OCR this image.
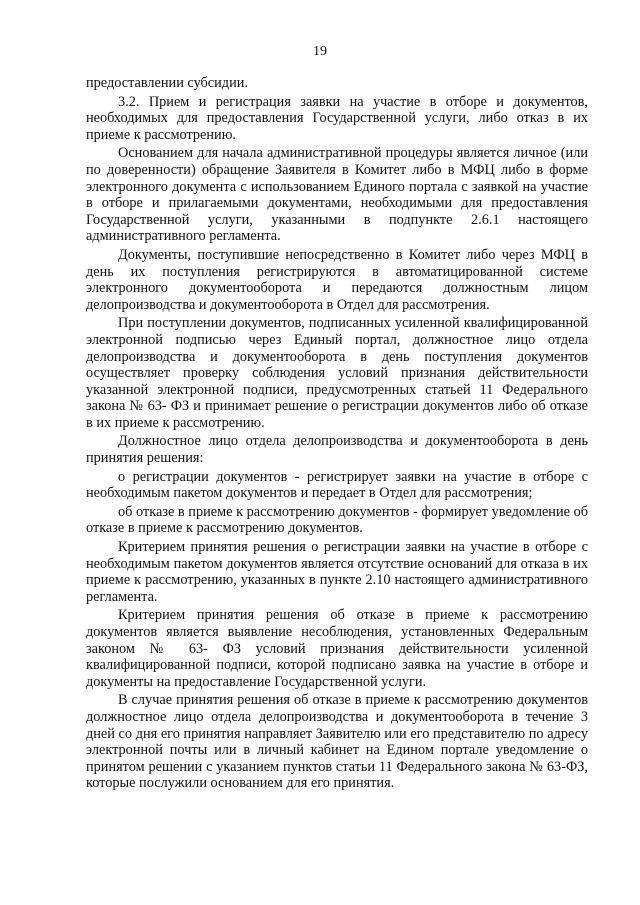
19

предоставлении субсидии.

3.2. Прием и регистрация заявки на участие в отборе и документов, необходимых для предоставления Государственной услуги, либо отказ в их приеме к рассмотрению.

Основанием для начала административной процедуры является личное (или по доверенности) обращение Заявителя в Комитет либо в МФЦ либо в форме электронного документа с использованием Единого портала с заявкой на участие в отборе и прилагаемыми документами, необходимыми для предоставления Государственной услуги, указанными в подпункте 2.6.1 настоящего административного регламента.

Документы, поступившие непосредственно в Комитет либо через МФЦ в день их поступления регистрируются в автоматицированной системе электронного документооборота и передаются должностным лицом делопроизводства и документооборота в Отдел для рассмотрения.

При поступлении документов, подписанных усиленной квалифицированной электронной подписью через Единый портал, должностное лицо отдела делопроизводства и документооборота в день поступления документов осуществляет проверку соблюдения условий признания действительности указанной электронной подписи, предусмотренных статьей 11 Федерального закона № 63- ФЗ и принимает решение о регистрации документов либо об отказе в их приеме к рассмотрению.

Должностное лицо отдела делопроизводства и документооборота в день принятия решения:

о регистрации документов - регистрирует заявки на участие в отборе с необходимым пакетом документов и передает в Отдел для рассмотрения;

об отказе в приеме к рассмотрению документов - формирует уведомление об отказе в приеме к рассмотрению документов.

Критерием принятия решения о регистрации заявки на участие в отборе с необходимым пакетом документов является отсутствие оснований для отказа в их приеме к рассмотрению, указанных в пункте 2.10 настоящего административного регламента.

Критерием принятия решения об отказе в приеме к рассмотрению документов является выявление несоблюдения, установленных Федеральным законом № 63- ФЗ условий признания действительности усиленной квалифицированной подписи, которой подписано заявка на участие в отборе и документы на предоставление Государственной услуги.

В случае принятия решения об отказе в приеме к рассмотрению документов должностное лицо отдела делопроизводства и документооборота в течение 3 дней со дня его принятия направляет Заявителю или его представителю по адресу электронной почты или в личный кабинет на Едином портале уведомление о принятом решении с указанием пунктов статьи 11 Федерального закона № 63-ФЗ, которые послужили основанием для его принятия.
